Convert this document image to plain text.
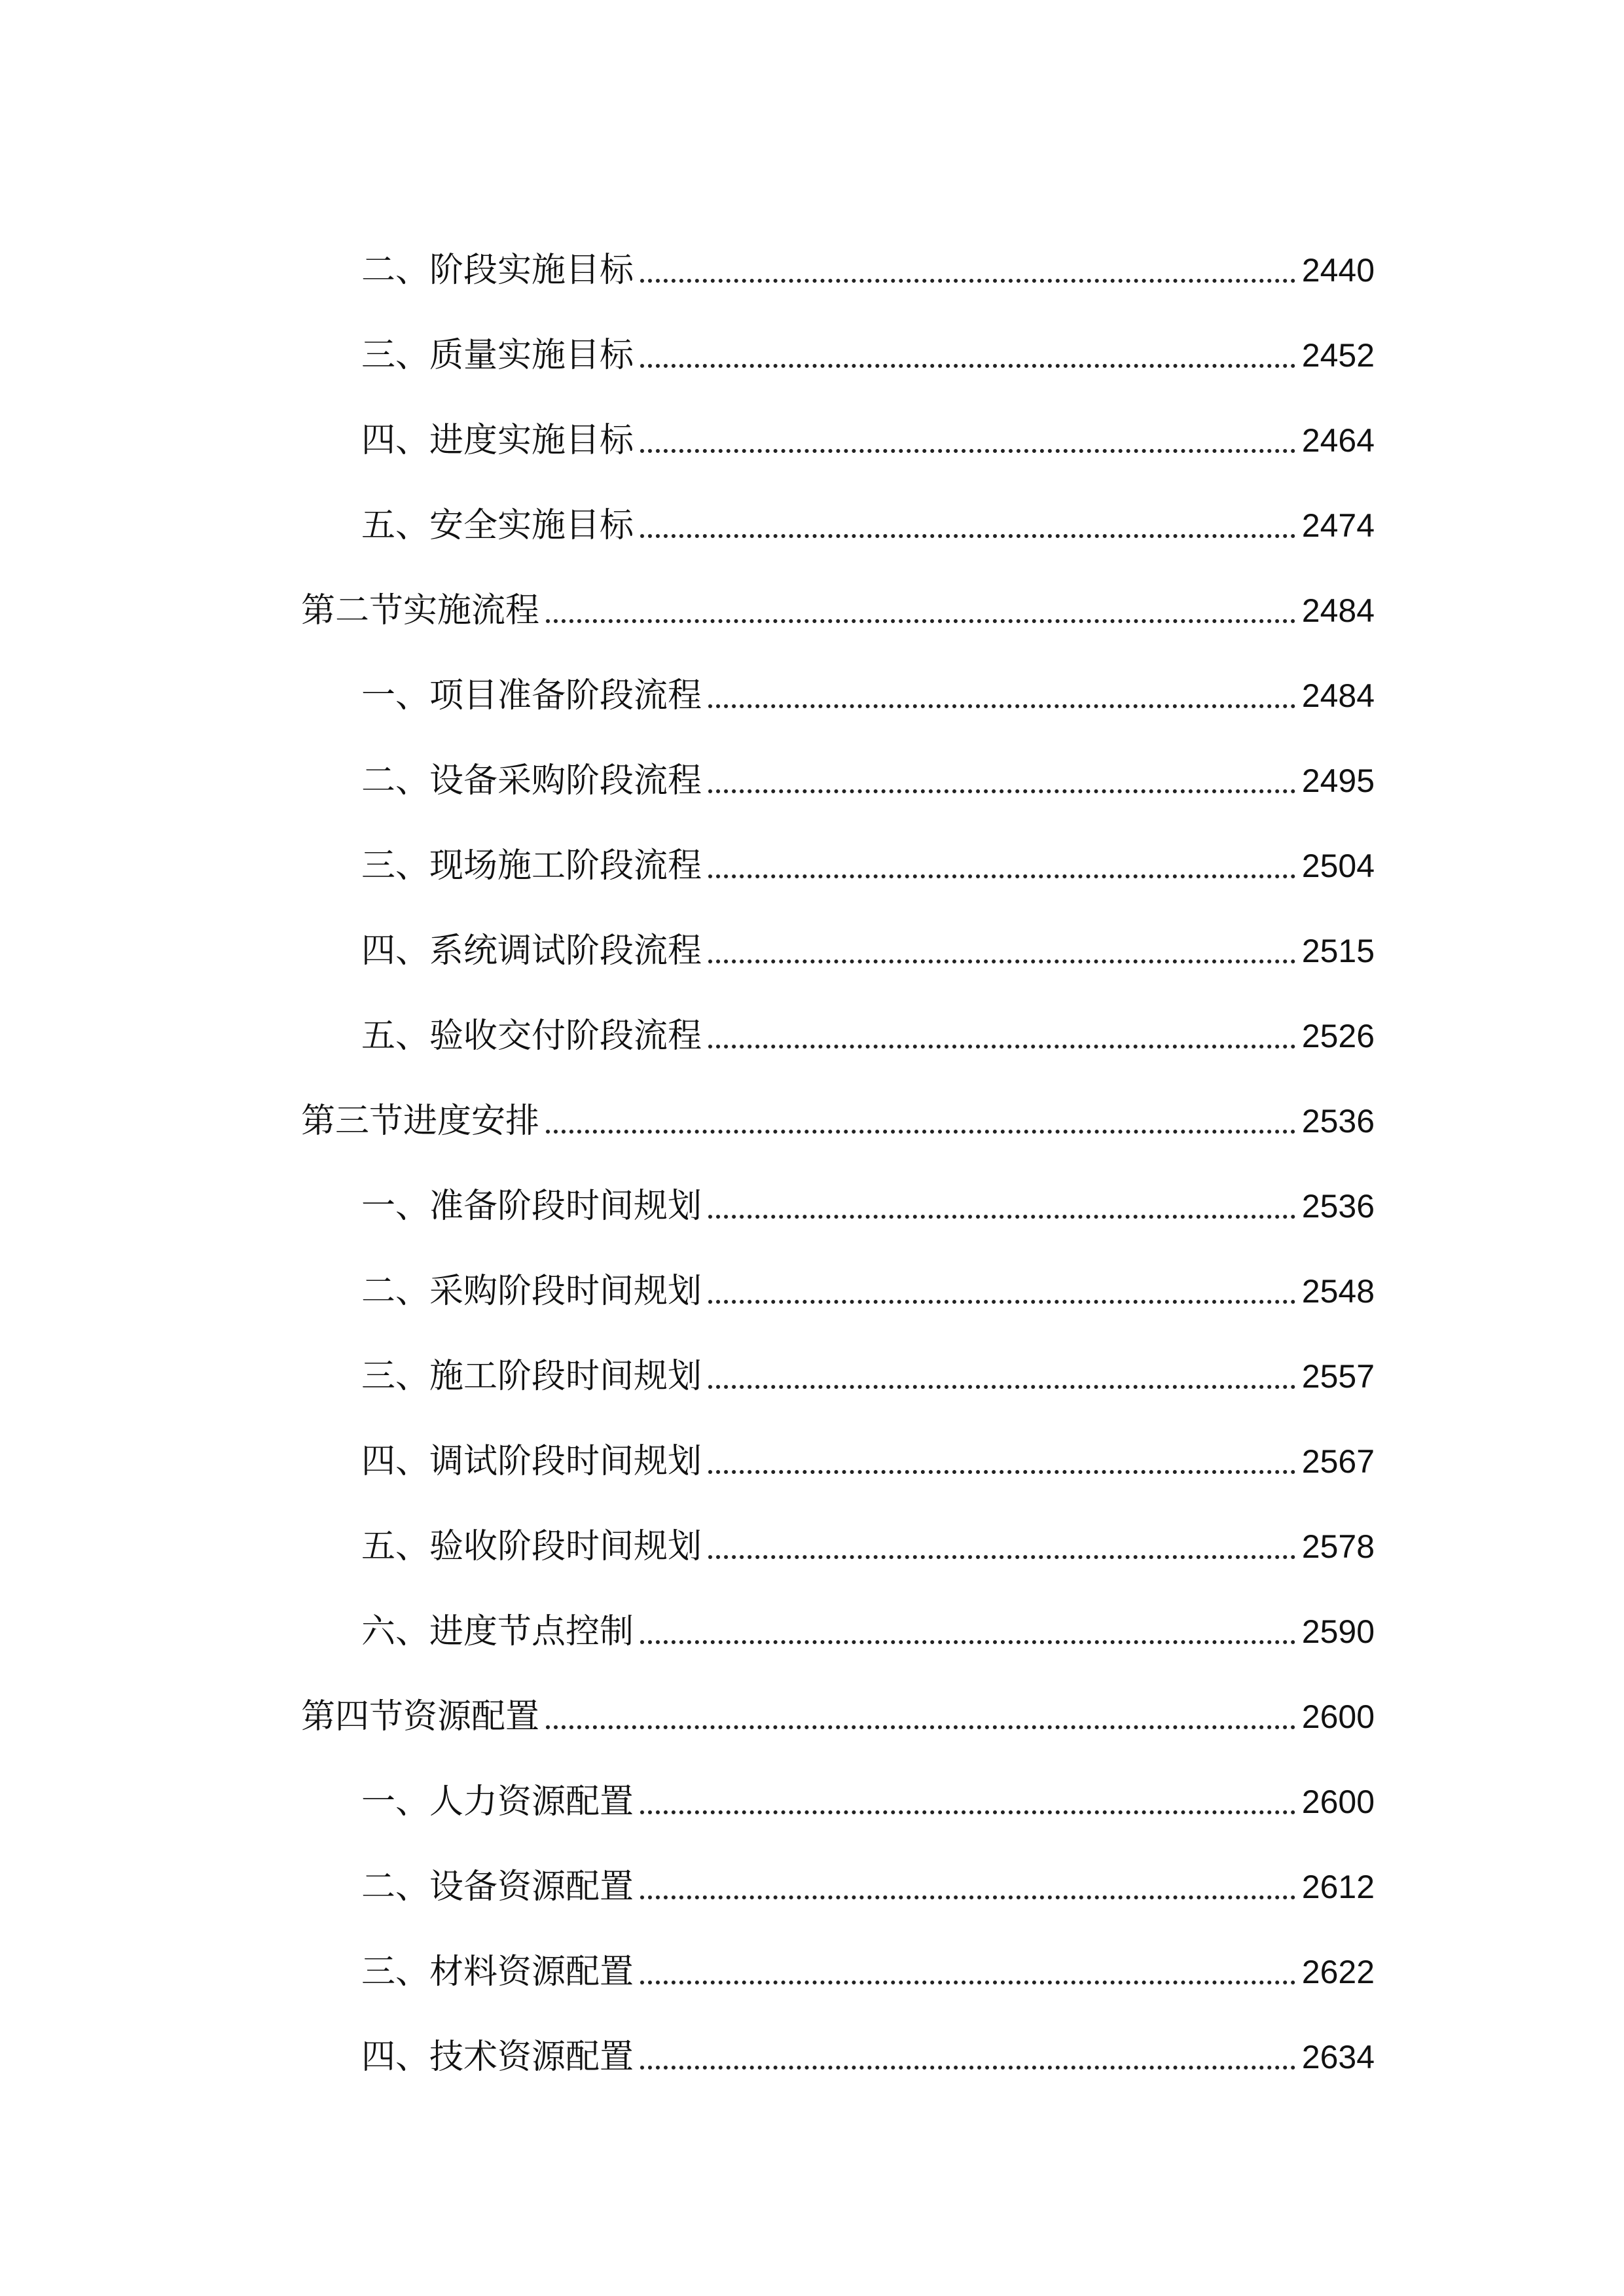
二、阶段实施目标	2440
三、质量实施目标	2452
四、进度实施目标	2464
五、安全实施目标	2474
第二节实施流程	2484
一、项目准备阶段流程	2484
二、设备采购阶段流程	2495
三、现场施工阶段流程	2504
四、系统调试阶段流程	2515
五、验收交付阶段流程	2526
第三节进度安排	2536
一、准备阶段时间规划	2536
二、采购阶段时间规划	2548
三、施工阶段时间规划	2557
四、调试阶段时间规划	2567
五、验收阶段时间规划	2578
六、进度节点控制	2590
第四节资源配置	2600
一、人力资源配置	2600
二、设备资源配置	2612
三、材料资源配置	2622
四、技术资源配置	2634
